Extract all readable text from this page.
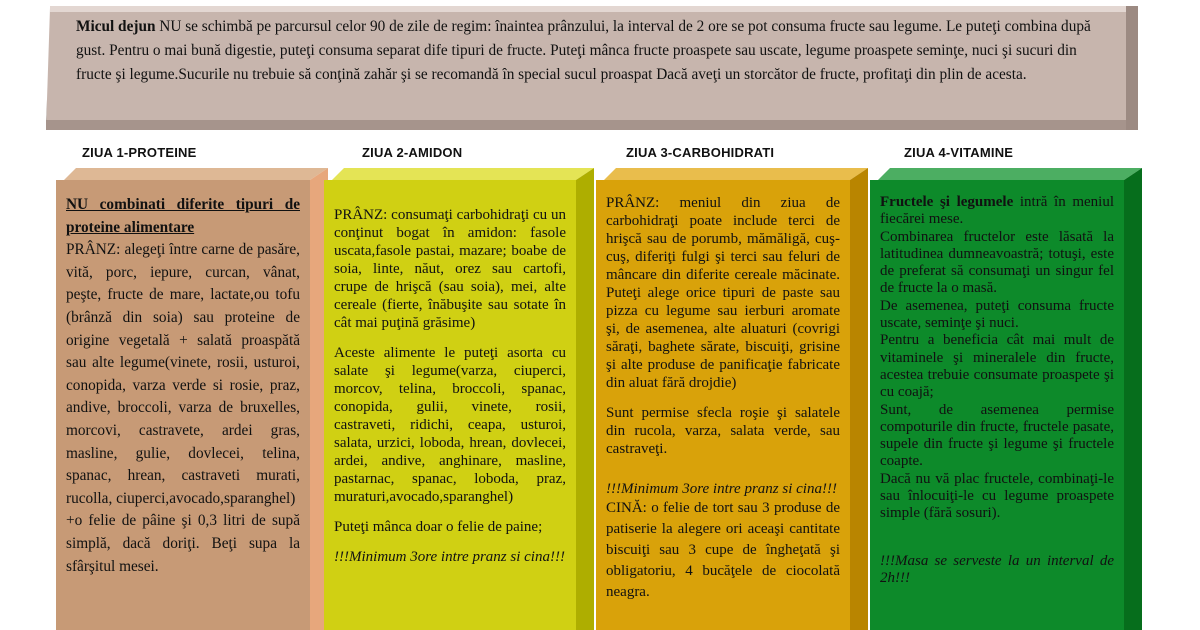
Micul dejun NU se schimbă pe parcursul celor 90 de zile de regim: înaintea prânzului, la interval de 2 ore se pot consuma fructe sau legume. Le puteţi combina după gust. Pentru o mai bună digestie, puteţi consuma separat dife tipuri de fructe. Puteţi mânca fructe proaspete sau uscate, legume proaspete seminţe, nuci şi sucuri din fructe şi legume.Sucurile nu trebuie să conţină zahăr şi se recomandă în special sucul proaspat Dacă aveţi un storcător de fructe, profitaţi din plin de acesta.
ZIUA 1-PROTEINE	ZIUA 2-AMIDON	ZIUA 3-CARBOHIDRATI	ZIUA 4-VITAMINE
NU combinati diferite tipuri de proteine alimentare
PRÂNZ: alegeţi între carne de pasăre, vită, porc, iepure, curcan, vânat, peşte, fructe de mare, lactate,ou tofu (brânză din soia) sau proteine de origine vegetală + salată proaspătă sau alte legume(vinete, rosii, usturoi, conopida, varza verde si rosie, praz, andive, broccoli, varza de bruxelles, morcovi, castravete, ardei gras, masline, gulie, dovlecei, telina, spanac, hrean, castraveti murati, rucolla, ciuperci,avocado,sparanghel)
+o felie de pâine şi 0,3 litri de supă simplă, dacă doriţi. Beţi supa la sfârşitul mesei.
PRÂNZ: consumaţi carbohidraţi cu un conţinut bogat în amidon: fasole uscata,fasole pastai, mazare; boabe de soia, linte, năut, orez sau cartofi, crupe de hrişcă (sau soia), mei, alte cereale (fierte, înăbuşite sau sotate în cât mai puţină grăsime)
Aceste alimente le puteţi asorta cu salate şi legume(varza, ciuperci, morcov, telina, broccoli, spanac, conopida, gulii, vinete, rosii, castraveti, ridichi, ceapa, usturoi, salata, urzici, loboda, hrean, dovlecei, ardei, andive, anghinare, masline, pastarnac, spanac, loboda, praz, muraturi,avocado,sparanghel)
Puteţi mânca doar o felie de paine;
!!!Minimum 3ore intre pranz si cina!!!
PRÂNZ: meniul din ziua de carbohidraţi poate include terci de hrişcă sau de porumb, mămăligă, cuş-cuş, diferiţi fulgi şi terci sau feluri de mâncare din diferite cereale măcinate. Puteţi alege orice tipuri de paste sau pizza cu legume sau ierburi aromate şi, de asemenea, alte aluaturi (covrigi săraţi, baghete sărate, biscuiţi, grisine şi alte produse de panificaţie fabricate din aluat fără drojdie)
Sunt permise sfecla roşie şi salatele din rucola, varza, salata verde, sau castraveţi.
!!!Minimum 3ore intre pranz si cina!!!
CINĂ: o felie de tort sau 3 produse de patiserie la alegere ori aceaşi cantitate biscuiţi sau 3 cupe de îngheţată şi obligatoriu, 4 bucăţele de ciocolată neagra.
Fructele şi legumele intră în meniul fiecărei mese.
Combinarea fructelor este lăsată la latitudinea dumneavoastră; totuşi, este de preferat să consumaţi un singur fel de fructe la o masă.
De asemenea, puteţi consuma fructe uscate, seminţe şi nuci.
Pentru a beneficia cât mai mult de vitaminele şi mineralele din fructe, acestea trebuie consumate proaspete şi cu coajă;
Sunt, de asemenea permise compoturile din fructe, fructele pasate, supele din fructe şi legume şi fructele coapte.
Dacă nu vă plac fructele, combinaţi-le sau înlocuiţi-le cu legume proaspete simple (fără sosuri).
!!!Masa se serveste la un interval de 2h!!!
